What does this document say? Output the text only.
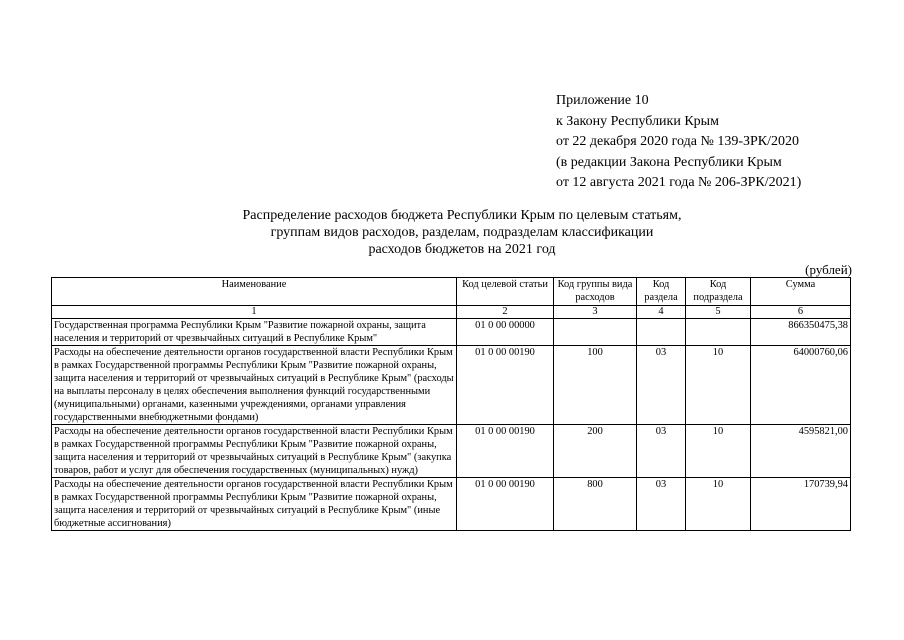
Приложение 10
к Закону Республики Крым
от 22 декабря 2020 года № 139-ЗРК/2020
(в редакции Закона Республики Крым
от 12 августа 2021 года № 206-ЗРК/2021)
Распределение расходов бюджета Республики Крым по целевым статьям,
группам видов расходов, разделам, подразделам классификации
расходов бюджетов на 2021 год
(рублей)
Наименование	Код целевой статьи	Код группы вида расходов	Код раздела	Код подраздела	Сумма
1	2	3	4	5	6
Государственная программа Республики Крым "Развитие пожарной охраны, защита населения и территорий от чрезвычайных ситуаций в Республике Крым"	01 0 00 00000				866350475,38
Расходы на обеспечение деятельности органов государственной власти Республики Крым в рамках Государственной программы Республики Крым "Развитие пожарной охраны, защита населения и территорий от чрезвычайных ситуаций в Республике Крым" (расходы на выплаты персоналу в целях обеспечения выполнения функций государственными (муниципальными) органами, казенными учреждениями, органами управления государственными внебюджетными фондами)	01 0 00 00190	100	03	10	64000760,06
Расходы на обеспечение деятельности органов государственной власти Республики Крым в рамках Государственной программы Республики Крым "Развитие пожарной охраны, защита населения и территорий от чрезвычайных ситуаций в Республике Крым" (закупка товаров, работ и услуг для обеспечения государственных (муниципальных) нужд)	01 0 00 00190	200	03	10	4595821,00
Расходы на обеспечение деятельности органов государственной власти Республики Крым в рамках Государственной программы Республики Крым "Развитие пожарной охраны, защита населения и территорий от чрезвычайных ситуаций в Республике Крым" (иные бюджетные ассигнования)	01 0 00 00190	800	03	10	170739,94
